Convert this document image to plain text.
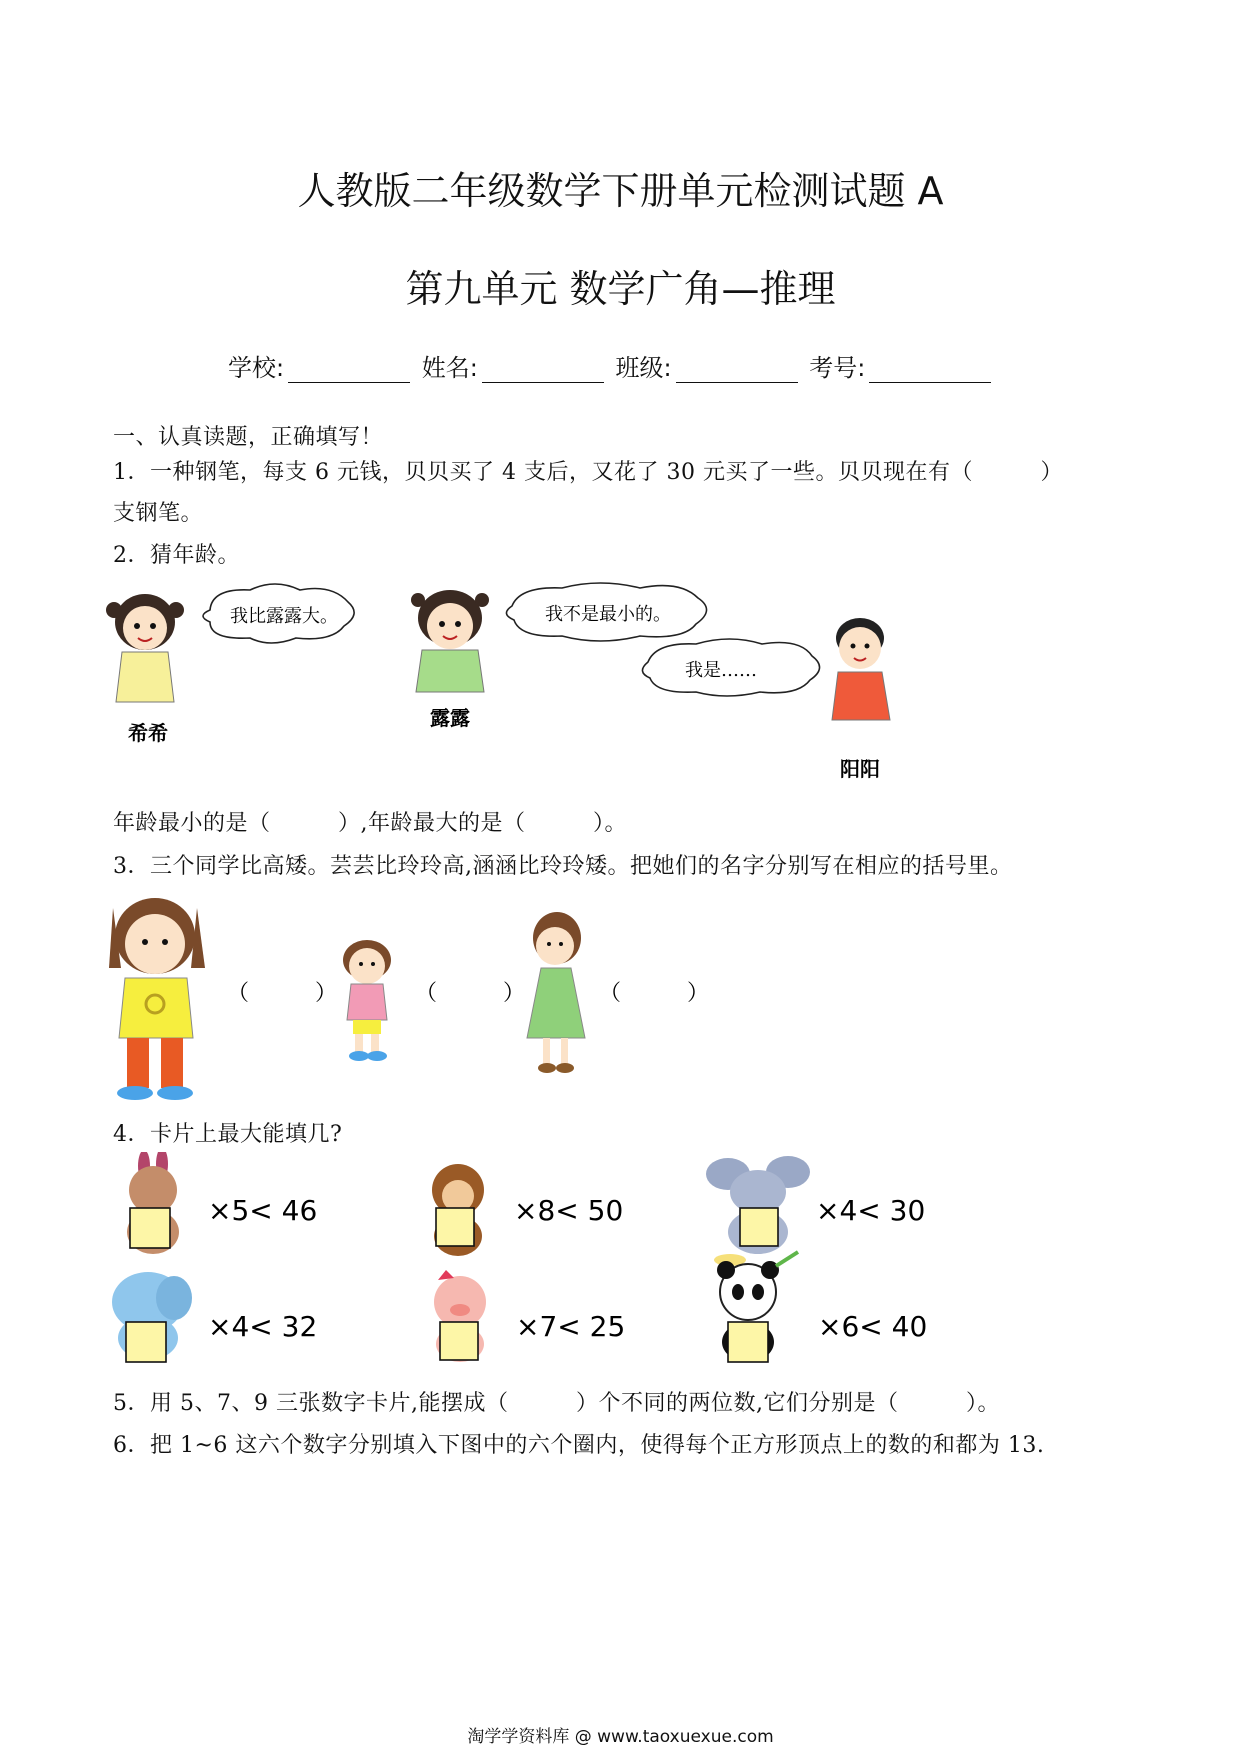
人教版二年级数学下册单元检测试题 A
第九单元 数学广角—推理
学校:	姓名:	班级:	考号:
一、认真读题，正确填写！
1．一种钢笔，每支 6 元钱，贝贝买了 4 支后，又花了 30 元买了一些。贝贝现在有（　　　）
支钢笔。
2．猜年龄。
我比露露大。
希希
露露
我不是最小的。
我是……
阳阳
年龄最小的是（　　　）,年龄最大的是（　　　）。
3．三个同学比高矮。芸芸比玲玲高,涵涵比玲玲矮。把她们的名字分别写在相应的括号里。
（　　　）	（　　　）	（　　　）
4．卡片上最大能填几?
×5< 46	×8< 50	×4< 30
×4< 32	×7< 25	×6< 40
5．用 5、7、9 三张数字卡片,能摆成（　　　）个不同的两位数,它们分别是（　　　）。
6．把 1~6 这六个数字分别填入下图中的六个圈内，使得每个正方形顶点上的数的和都为 13.
淘学学资料库 @ www.taoxuexue.com
